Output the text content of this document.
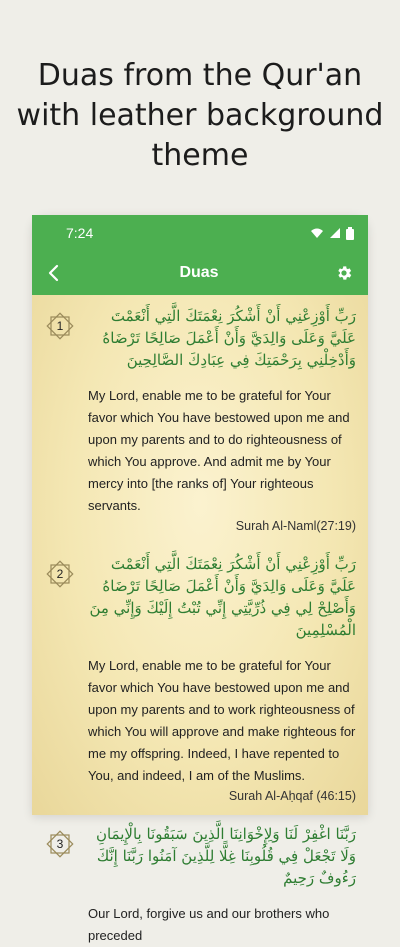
Duas from the Qur'an
with leather background
theme
7:24
Duas
1
رَبِّ أَوْزِعْنِي أَنْ أَشْكُرَ نِعْمَتَكَ الَّتِي أَنْعَمْتَ عَلَيَّ وَعَلَى وَالِدَيَّ وَأَنْ أَعْمَلَ صَالِحًا تَرْضَاهُ وَأَدْخِلْنِي بِرَحْمَتِكَ فِي عِبَادِكَ الصَّالِحِينَ
My Lord, enable me to be grateful for Your favor which You have bestowed upon me and upon my parents and to do righteousness of which You approve. And admit me by Your mercy into [the ranks of] Your righteous servants.
Surah Al-Naml(27:19)
2
رَبِّ أَوْزِعْنِي أَنْ أَشْكُرَ نِعْمَتَكَ الَّتِي أَنْعَمْتَ عَلَيَّ وَعَلَى وَالِدَيَّ وَأَنْ أَعْمَلَ صَالِحًا تَرْضَاهُ وَأَصْلِحْ لِي فِي ذُرِّيَّتِي إِنِّي تُبْتُ إِلَيْكَ وَإِنِّي مِنَ الْمُسْلِمِينَ
My Lord, enable me to be grateful for Your favor which You have bestowed upon me and upon my parents and to work righteousness of which You will approve and make righteous for me my offspring. Indeed, I have repented to You, and indeed, I am of the Muslims.
Surah Al-Aḥqaf (46:15)
3
رَبَّنَا اغْفِرْ لَنَا وَلِإِخْوَانِنَا الَّذِينَ سَبَقُونَا بِالْإِيمَانِ وَلَا تَجْعَلْ فِي قُلُوبِنَا غِلًّا لِلَّذِينَ آمَنُوا رَبَّنَا إِنَّكَ رَءُوفٌ رَحِيمٌ
Our Lord, forgive us and our brothers who preceded
